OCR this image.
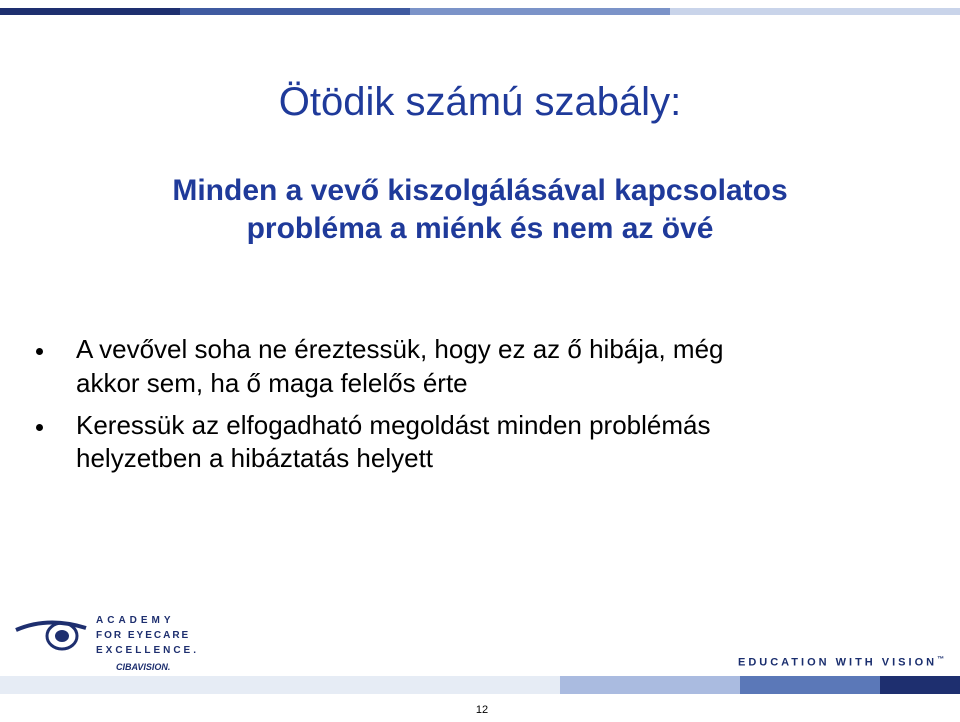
Ötödik számú szabály:
Minden a vevő kiszolgálásával kapcsolatos
probléma a miénk és nem az övé
A vevővel soha ne éreztessük, hogy ez az ő hibája, még
akkor sem, ha ő maga felelős érte
Keressük az elfogadható megoldást minden problémás
helyzetben a hibáztatás helyett
ACADEMY
FOR EYECARE
EXCELLENCE.
CIBAVISION.	EDUCATION WITH VISION™
12
